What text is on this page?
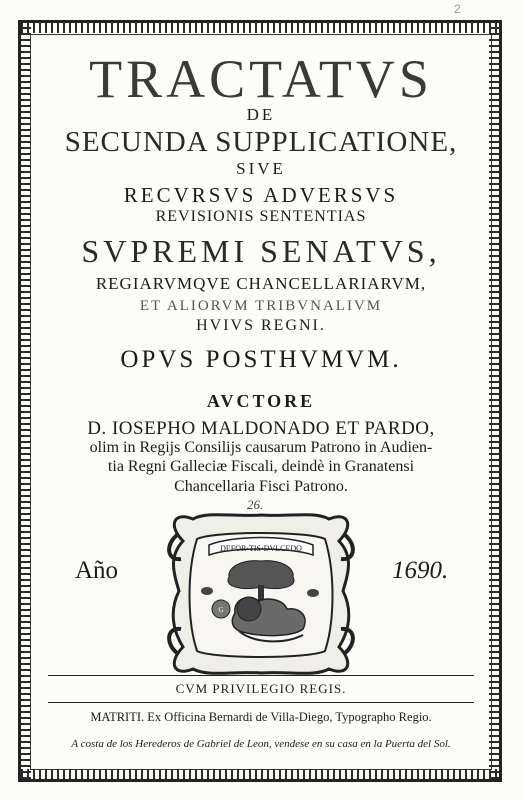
2
TRACTATVS
DE
SECUNDA SUPPLICATIONE,
SIVE
RECVRSVS ADVERSVS
REVISIONIS SENTENTIAS
SVPREMI SENATVS,
REGIARVMQVE CHANCELLARIARVM,
ET ALIORVM TRIBVNALIVM
HVIVS REGNI.
OPVS POSTHVMVM.
AVCTORE
D. IOSEPHO MALDONADO ET PARDO,
olim in Regijs Consilijs causarum Patrono in Audien-
tia Regni Galleciæ Fiscali, deindè in Granatensi
Chancellaria Fisci Patrono.
26.
Año	1690.
DEFOR·TIS·DVLCEDO
G
CVM PRIVILEGIO REGIS.
MATRITI. Ex Officina Bernardi de Villa-Diego, Typographo Regio.
A costa de los Herederos de Gabriel de Leon, vendese en su casa en la Puerta del Sol.
